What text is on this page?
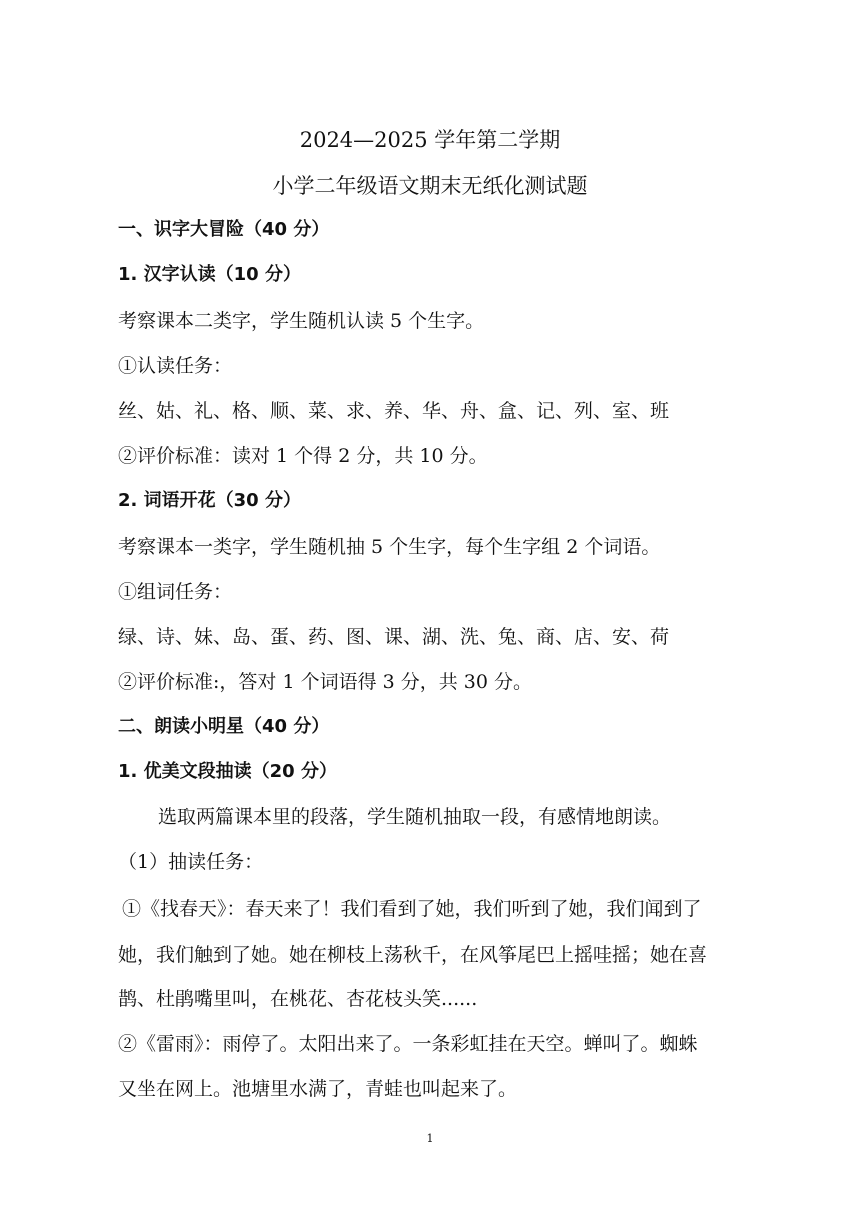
2024—2025 学年第二学期
小学二年级语文期末无纸化测试题
一、识字大冒险（40 分）
1. 汉字认读（10 分）
考察课本二类字，学生随机认读 5 个生字。
①认读任务：
丝、姑、礼、格、顺、菜、求、养、华、舟、盒、记、列、室、班
②评价标准：读对 1 个得 2 分，共 10 分。
2. 词语开花（30 分）
考察课本一类字，学生随机抽 5 个生字，每个生字组 2 个词语。
①组词任务：
绿、诗、妹、岛、蛋、药、图、课、湖、洗、兔、商、店、安、荷
②评价标准:，答对 1 个词语得 3 分，共 30 分。
二、朗读小明星（40 分）
1. 优美文段抽读（20 分）
选取两篇课本里的段落，学生随机抽取一段，有感情地朗读。
（1）抽读任务：
①《找春天》：春天来了！我们看到了她，我们听到了她，我们闻到了
她，我们触到了她。她在柳枝上荡秋千，在风筝尾巴上摇哇摇；她在喜
鹊、杜鹃嘴里叫，在桃花、杏花枝头笑......
②《雷雨》：雨停了。太阳出来了。一条彩虹挂在天空。蝉叫了。蜘蛛
又坐在网上。池塘里水满了，青蛙也叫起来了。
1
